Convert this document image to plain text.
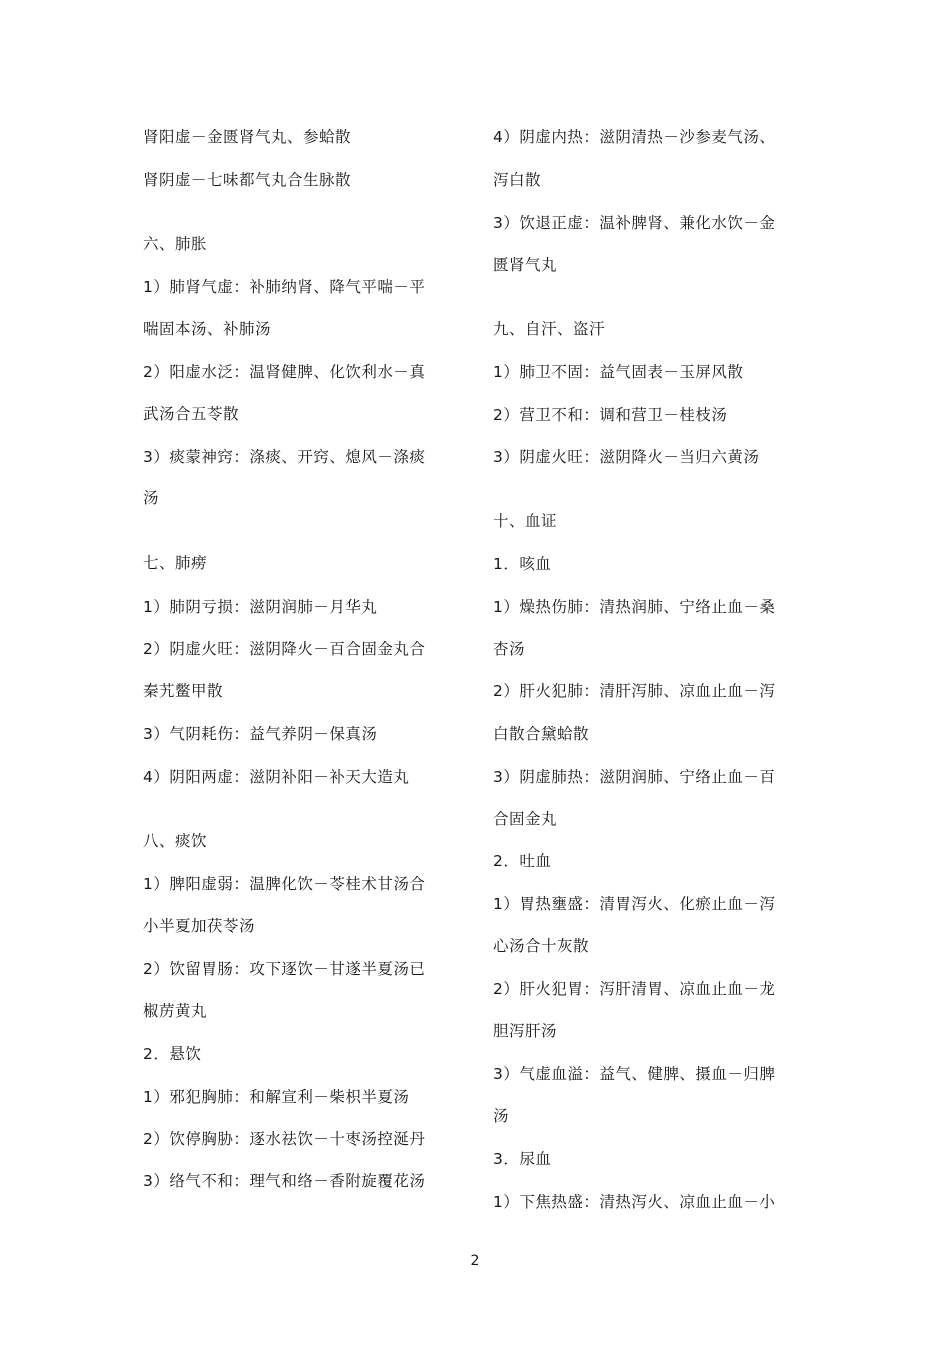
肾阳虚－金匮肾气丸、参蛤散
肾阴虚－七味都气丸合生脉散
六、肺胀
1）肺肾气虚：补肺纳肾、降气平喘－平
喘固本汤、补肺汤
2）阳虚水泛：温肾健脾、化饮利水－真
武汤合五苓散
3）痰蒙神窍：涤痰、开窍、熄风－涤痰
汤
七、肺痨
1）肺阴亏损：滋阴润肺－月华丸
2）阴虚火旺：滋阴降火－百合固金丸合
秦艽鳖甲散
3）气阴耗伤：益气养阴－保真汤
4）阴阳两虚：滋阴补阳－补天大造丸
八、痰饮
1）脾阳虚弱：温脾化饮－苓桂术甘汤合
小半夏加茯苓汤
2）饮留胃肠：攻下逐饮－甘遂半夏汤已
椒苈黄丸
2．悬饮
1）邪犯胸肺：和解宣利－柴枳半夏汤
2）饮停胸胁：逐水祛饮－十枣汤控涎丹
3）络气不和：理气和络－香附旋覆花汤
4）阴虚内热：滋阴清热－沙参麦气汤、
泻白散
3）饮退正虚：温补脾肾、兼化水饮－金
匮肾气丸
九、自汗、盗汗
1）肺卫不固：益气固表－玉屏风散
2）营卫不和：调和营卫－桂枝汤
3）阴虚火旺：滋阴降火－当归六黄汤
十、血证
1．咳血
1）燥热伤肺：清热润肺、宁络止血－桑
杏汤
2）肝火犯肺：清肝泻肺、凉血止血－泻
白散合黛蛤散
3）阴虚肺热：滋阴润肺、宁络止血－百
合固金丸
2．吐血
1）胃热壅盛：清胃泻火、化瘀止血－泻
心汤合十灰散
2）肝火犯胃：泻肝清胃、凉血止血－龙
胆泻肝汤
3）气虚血溢：益气、健脾、摄血－归脾
汤
3．尿血
1）下焦热盛：清热泻火、凉血止血－小
2
